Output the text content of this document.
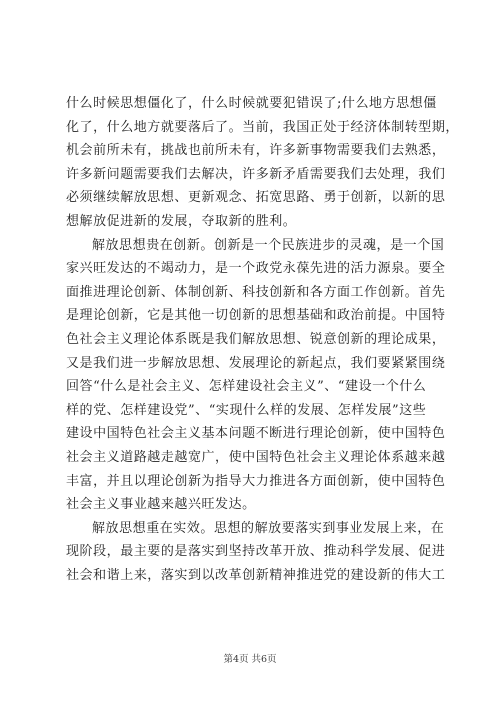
什么时候思想僵化了，什么时候就要犯错误了;什么地方思想僵
化了，什么地方就要落后了。当前，我国正处于经济体制转型期，
机会前所未有，挑战也前所未有，许多新事物需要我们去熟悉，
许多新问题需要我们去解决，许多新矛盾需要我们去处理，我们
必须继续解放思想、更新观念、拓宽思路、勇于创新，以新的思
想解放促进新的发展，夺取新的胜利。
解放思想贵在创新。创新是一个民族进步的灵魂，是一个国
家兴旺发达的不竭动力，是一个政党永葆先进的活力源泉。要全
面推进理论创新、体制创新、科技创新和各方面工作创新。首先
是理论创新，它是其他一切创新的思想基础和政治前提。中国特
色社会主义理论体系既是我们解放思想、锐意创新的理论成果，
又是我们进一步解放思想、发展理论的新起点，我们要紧紧围绕
回答“什么是社会主义、怎样建设社会主义”、“建设一个什么
样的党、怎样建设党”、“实现什么样的发展、怎样发展”这些
建设中国特色社会主义基本问题不断进行理论创新，使中国特色
社会主义道路越走越宽广，使中国特色社会主义理论体系越来越
丰富，并且以理论创新为指导大力推进各方面创新，使中国特色
社会主义事业越来越兴旺发达。
解放思想重在实效。思想的解放要落实到事业发展上来，在
现阶段，最主要的是落实到坚持改革开放、推动科学发展、促进
社会和谐上来，落实到以改革创新精神推进党的建设新的伟大工
第4页 共6页
